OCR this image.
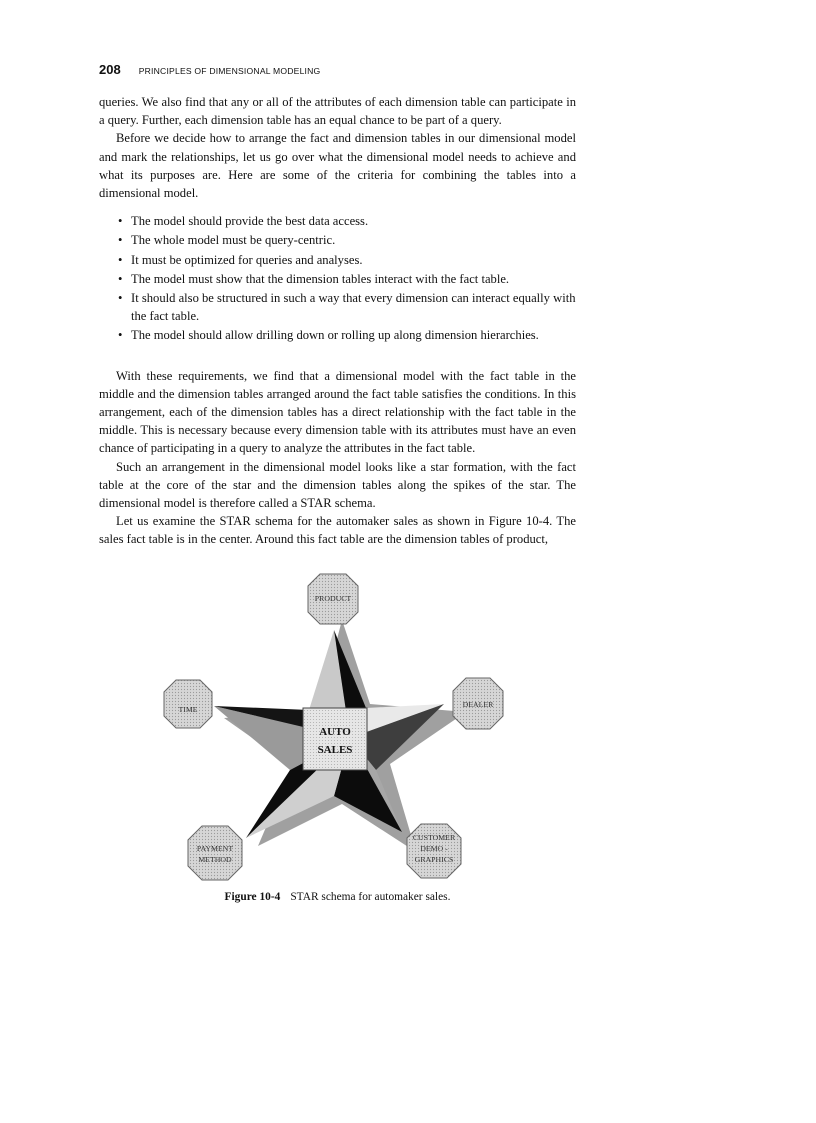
208 PRINCIPLES OF DIMENSIONAL MODELING

queries. We also find that any or all of the attributes of each dimension table can participate in a query. Further, each dimension table has an equal chance to be part of a query.

Before we decide how to arrange the fact and dimension tables in our dimensional model and mark the relationships, let us go over what the dimensional model needs to achieve and what its purposes are. Here are some of the criteria for combining the tables into a dimensional model.

• The model should provide the best data access.
• The whole model must be query-centric.
• It must be optimized for queries and analyses.
• The model must show that the dimension tables interact with the fact table.
• It should also be structured in such a way that every dimension can interact equally with the fact table.
• The model should allow drilling down or rolling up along dimension hierarchies.

With these requirements, we find that a dimensional model with the fact table in the middle and the dimension tables arranged around the fact table satisfies the conditions. In this arrangement, each of the dimension tables has a direct relationship with the fact table in the middle. This is necessary because every dimension table with its attributes must have an even chance of participating in a query to analyze the attributes in the fact table.

Such an arrangement in the dimensional model looks like a star formation, with the fact table at the core of the star and the dimension tables along the spikes of the star. The dimensional model is therefore called a STAR schema.

Let us examine the STAR schema for the automaker sales as shown in Figure 10-4. The sales fact table is in the center. Around this fact table are the dimension tables of product,

AUTO
SALES
PRODUCT
TIME
DEALER
PAYMENT
METHOD
CUSTOMER
DEMO -
GRAPHICS
Figure 10-4 STAR schema for automaker sales.
